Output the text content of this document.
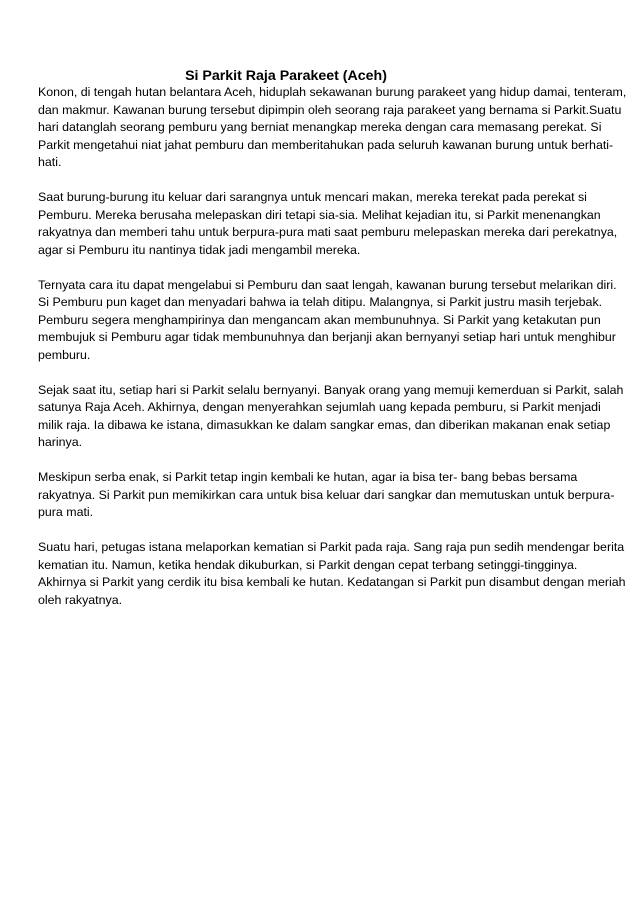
Si Parkit Raja Parakeet (Aceh)

Konon, di tengah hutan belantara Aceh, hiduplah sekawanan burung parakeet yang hidup damai, tenteram,
dan makmur. Kawanan burung tersebut dipimpin oleh seorang raja parakeet yang bernama si Parkit.Suatu
hari datanglah seorang pemburu yang berniat menangkap mereka dengan cara memasang perekat. Si
Parkit mengetahui niat jahat pemburu dan memberitahukan pada seluruh kawanan burung untuk berhati-
hati.

Saat burung-burung itu keluar dari sarangnya untuk mencari makan, mereka terekat pada perekat si
Pemburu. Mereka berusaha melepaskan diri tetapi sia-sia. Melihat kejadian itu, si Parkit menenangkan
rakyatnya dan memberi tahu untuk berpura-pura mati saat pemburu melepaskan mereka dari perekatnya,
agar si Pemburu itu nantinya tidak jadi mengambil mereka.

Ternyata cara itu dapat mengelabui si Pemburu dan saat lengah, kawanan burung tersebut melarikan diri.
Si Pemburu pun kaget dan menyadari bahwa ia telah ditipu. Malangnya, si Parkit justru masih terjebak.
Pemburu segera menghampirinya dan mengancam akan membunuhnya. Si Parkit yang ketakutan pun
membujuk si Pemburu agar tidak membunuhnya dan berjanji akan bernyanyi setiap hari untuk menghibur
pemburu.

Sejak saat itu, setiap hari si Parkit selalu bernyanyi. Banyak orang yang memuji kemerduan si Parkit, salah
satunya Raja Aceh. Akhirnya, dengan menyerahkan sejumlah uang kepada pemburu, si Parkit menjadi
milik raja. Ia dibawa ke istana, dimasukkan ke dalam sangkar emas, dan diberikan makanan enak setiap
harinya.

Meskipun serba enak, si Parkit tetap ingin kembali ke hutan, agar ia bisa ter- bang bebas bersama
rakyatnya. Si Parkit pun memikirkan cara untuk bisa keluar dari sangkar dan memutuskan untuk berpura-
pura mati.

Suatu hari, petugas istana melaporkan kematian si Parkit pada raja. Sang raja pun sedih mendengar berita
kematian itu. Namun, ketika hendak dikuburkan, si Parkit dengan cepat terbang setinggi-tingginya.
Akhirnya si Parkit yang cerdik itu bisa kembali ke hutan. Kedatangan si Parkit pun disambut dengan meriah
oleh rakyatnya.
